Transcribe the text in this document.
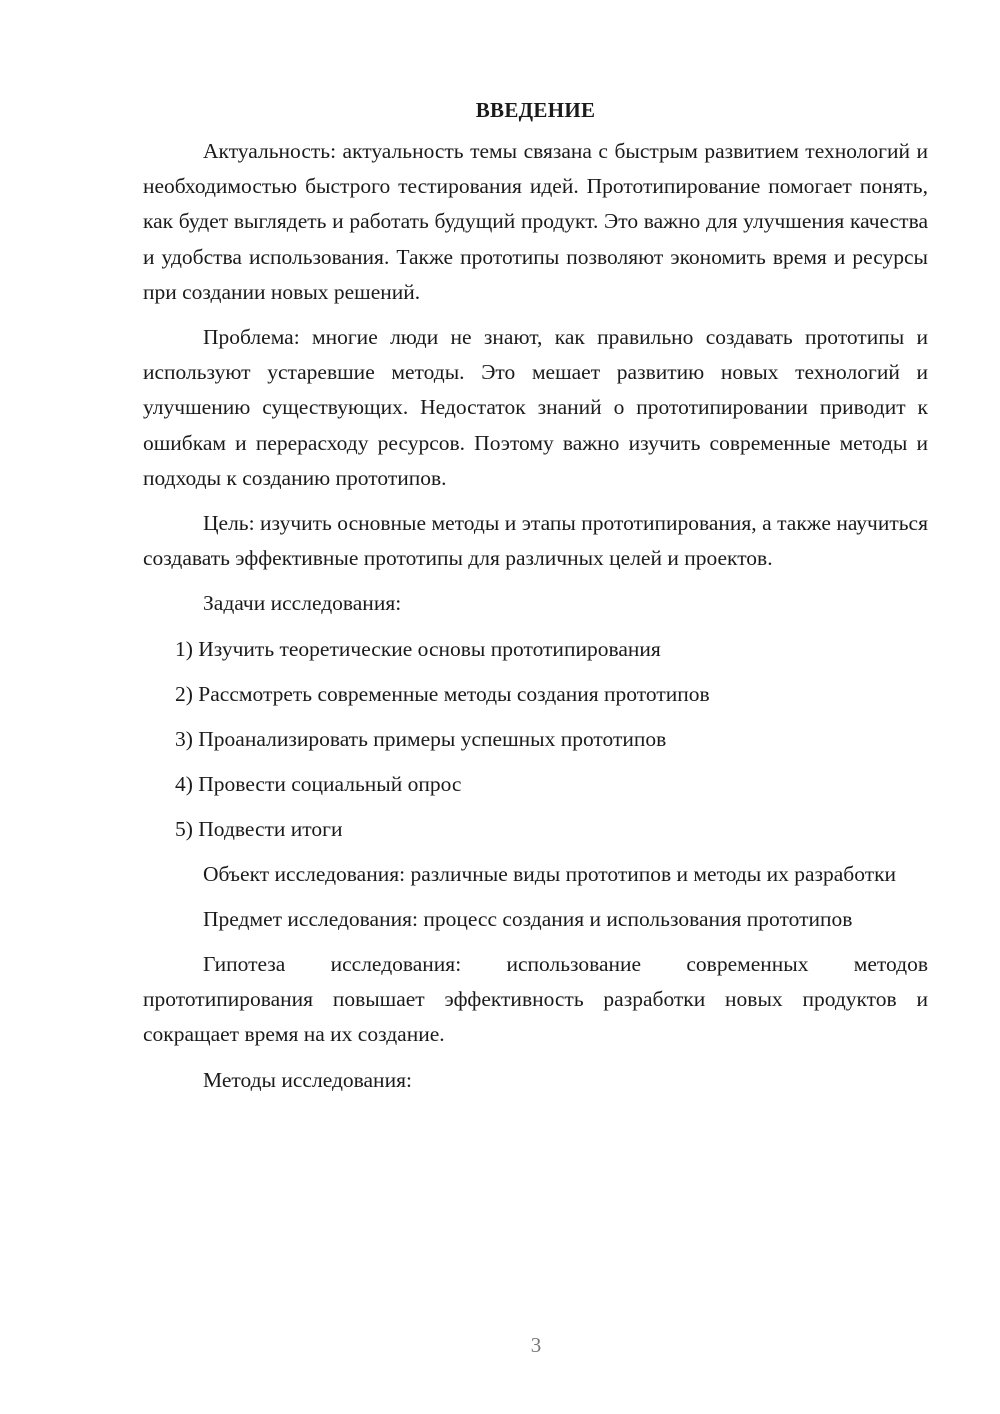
ВВЕДЕНИЕ

Актуальность: актуальность темы связана с быстрым развитием технологий и необходимостью быстрого тестирования идей. Прототипирование помогает понять, как будет выглядеть и работать будущий продукт. Это важно для улучшения качества и удобства использования. Также прототипы позволяют экономить время и ресурсы при создании новых решений.

Проблема: многие люди не знают, как правильно создавать прототипы и используют устаревшие методы. Это мешает развитию новых технологий и улучшению существующих. Недостаток знаний о прототипировании приводит к ошибкам и перерасходу ресурсов. Поэтому важно изучить современные методы и подходы к созданию прототипов.

Цель: изучить основные методы и этапы прототипирования, а также научиться создавать эффективные прототипы для различных целей и проектов.

Задачи исследования:

1) Изучить теоретические основы прототипирования
2) Рассмотреть современные методы создания прототипов
3) Проанализировать примеры успешных прототипов
4) Провести социальный опрос
5) Подвести итоги

Объект исследования: различные виды прототипов и методы их разработки

Предмет исследования: процесс создания и использования прототипов

Гипотеза исследования: использование современных методов прототипирования повышает эффективность разработки новых продуктов и сокращает время на их создание.

Методы исследования:

3
